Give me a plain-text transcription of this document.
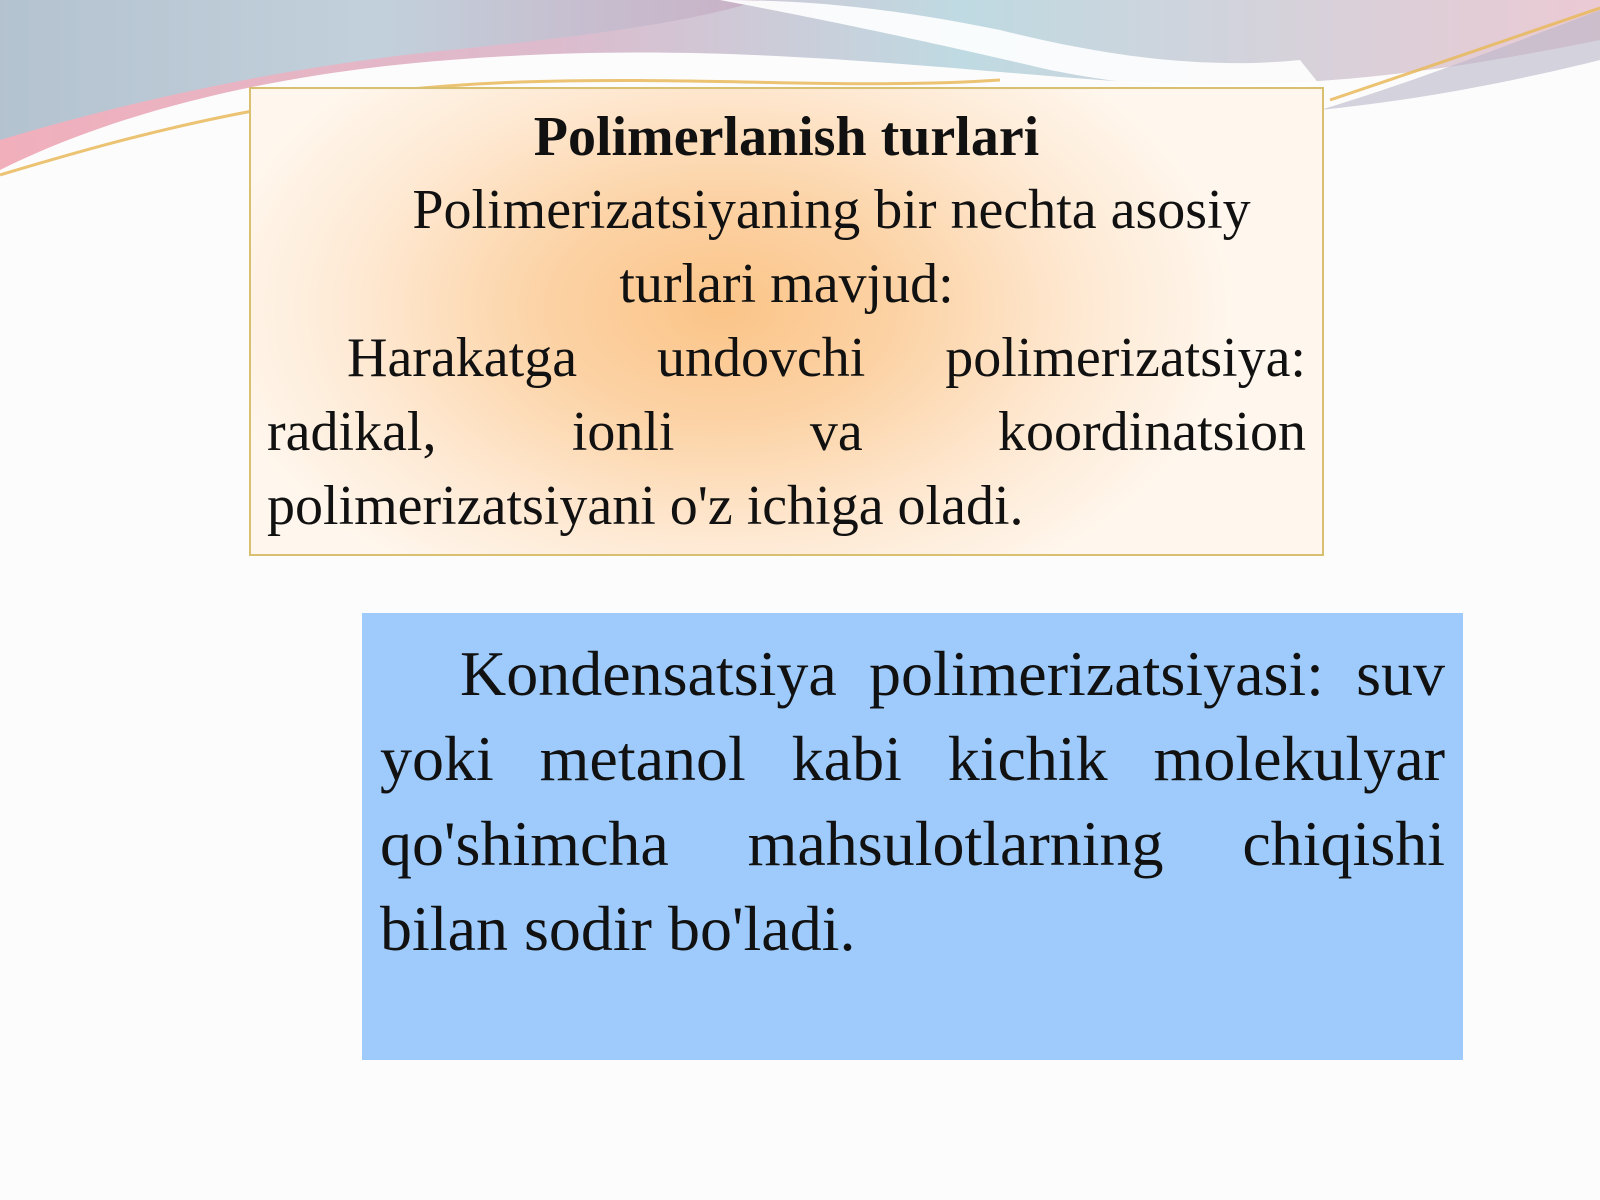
Polimerlanish turlari

Polimerizatsiyaning bir nechta asosiy

turlari mavjud:

Harakatga undovchi polimerizatsiya: radikal, ionli va koordinatsion polimerizatsiyani o'z ichiga oladi.

Kondensatsiya polimerizatsiyasi: suv yoki metanol kabi kichik molekulyar qo'shimcha mahsulotlarning chiqishi bilan sodir bo'ladi.
